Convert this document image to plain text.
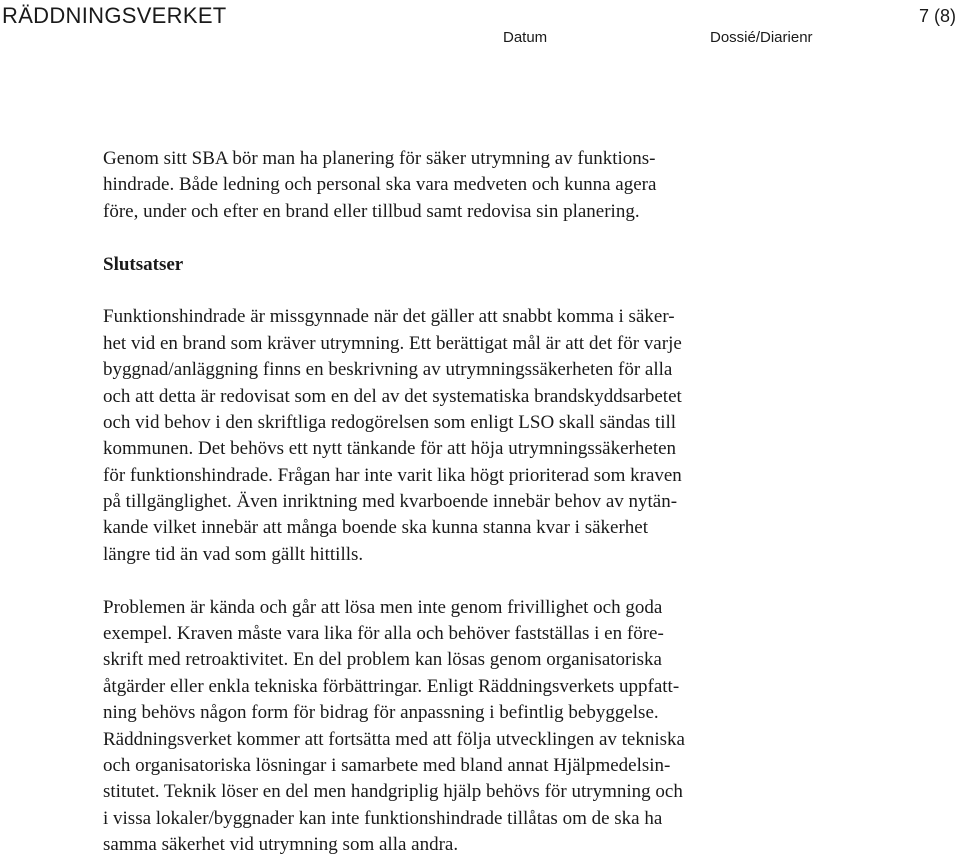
RÄDDNINGSVERKET	7 (8)
Datum	Dossié/Diarienr
Genom sitt SBA bör man ha planering för säker utrymning av funktions-
hindrade. Både ledning och personal ska vara medveten och kunna agera
före, under och efter en brand eller tillbud samt redovisa sin planering.
Slutsatser
Funktionshindrade är missgynnade när det gäller att snabbt komma i säker-
het vid en brand som kräver utrymning. Ett berättigat mål är att det för varje
byggnad/anläggning finns en beskrivning av utrymningssäkerheten för alla
och att detta är redovisat som en del av det systematiska brandskyddsarbetet
och vid behov i den skriftliga redogörelsen som enligt LSO skall sändas till
kommunen. Det behövs ett nytt tänkande för att höja utrymningssäkerheten
för funktionshindrade. Frågan har inte varit lika högt prioriterad som kraven
på tillgänglighet. Även inriktning med kvarboende innebär behov av nytän-
kande vilket innebär att många boende ska kunna stanna kvar i säkerhet
längre tid än vad som gällt hittills.
Problemen är kända och går att lösa men inte genom frivillighet och goda
exempel. Kraven måste vara lika för alla och behöver fastställas i en före-
skrift med retroaktivitet. En del problem kan lösas genom organisatoriska
åtgärder eller enkla tekniska förbättringar. Enligt Räddningsverkets uppfatt-
ning behövs någon form för bidrag för anpassning i befintlig bebyggelse.
Räddningsverket kommer att fortsätta med att följa utvecklingen av tekniska
och organisatoriska lösningar i samarbete med bland annat Hjälpmedelsin-
stitutet. Teknik löser en del men handgriplig hjälp behövs för utrymning och
i vissa lokaler/byggnader kan inte funktionshindrade tillåtas om de ska ha
samma säkerhet vid utrymning som alla andra.
